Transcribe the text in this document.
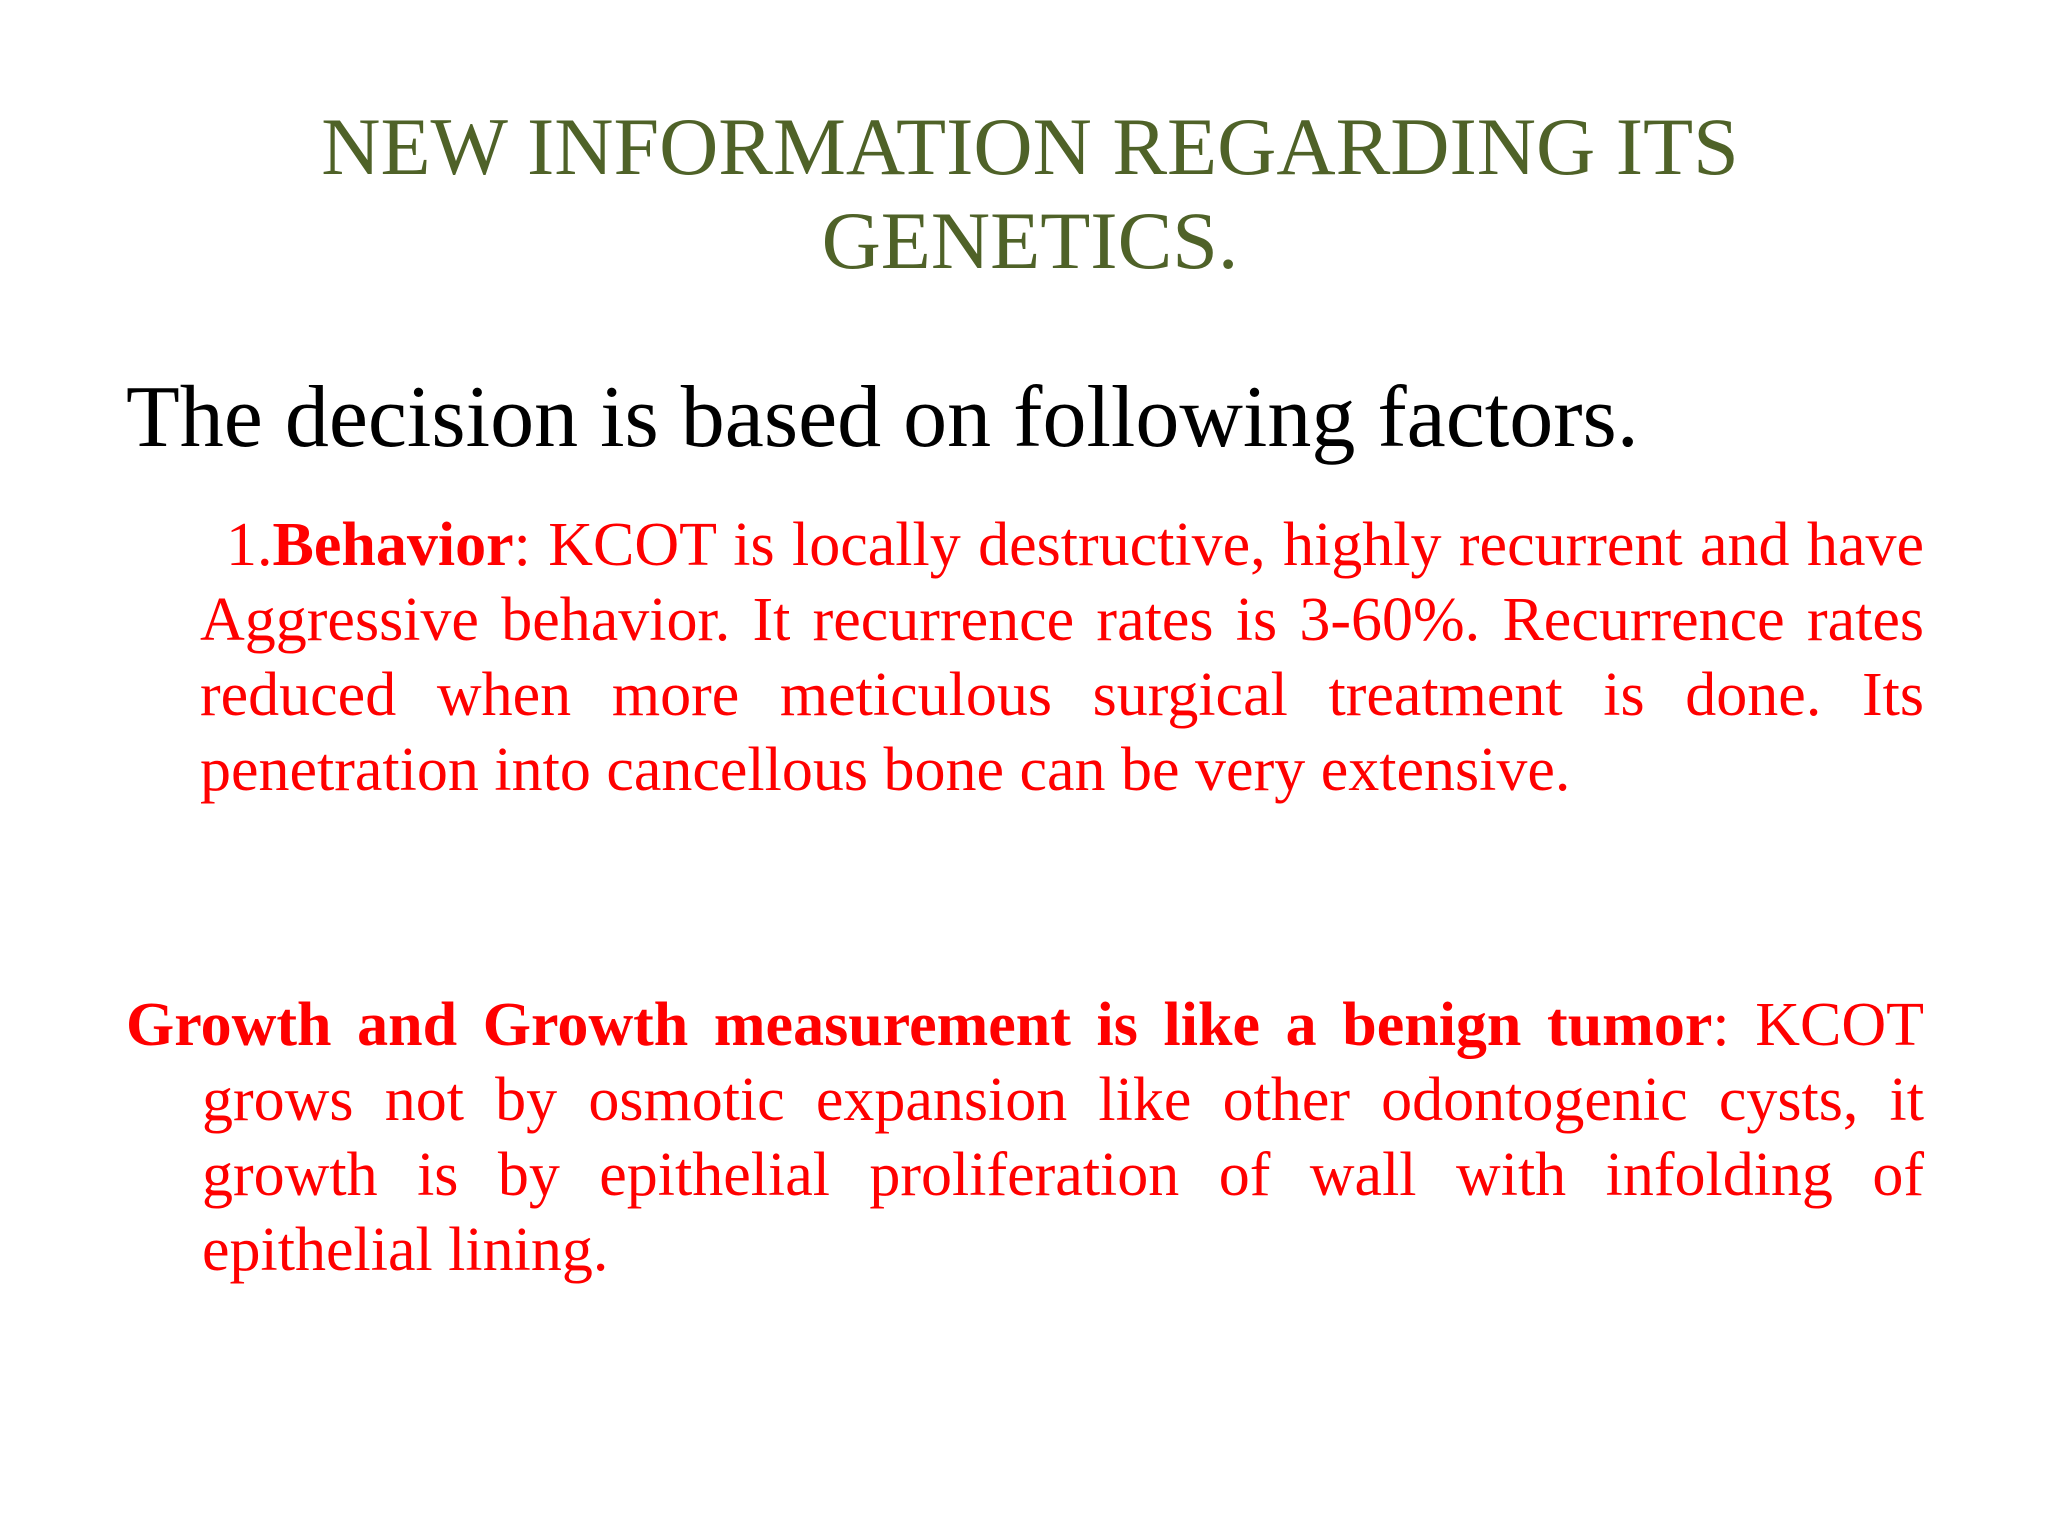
NEW INFORMATION REGARDING ITS GENETICS.

The decision is based on following factors.

1.Behavior: KCOT is locally destructive, highly recurrent and have Aggressive behavior. It recurrence rates is 3-60%. Recurrence rates reduced when more meticulous surgical treatment is done. Its penetration into cancellous bone can be very extensive.

Growth and Growth measurement is like a benign tumor: KCOT grows not by osmotic expansion like other odontogenic cysts, it growth is by epithelial proliferation of wall with infolding of epithelial lining.
